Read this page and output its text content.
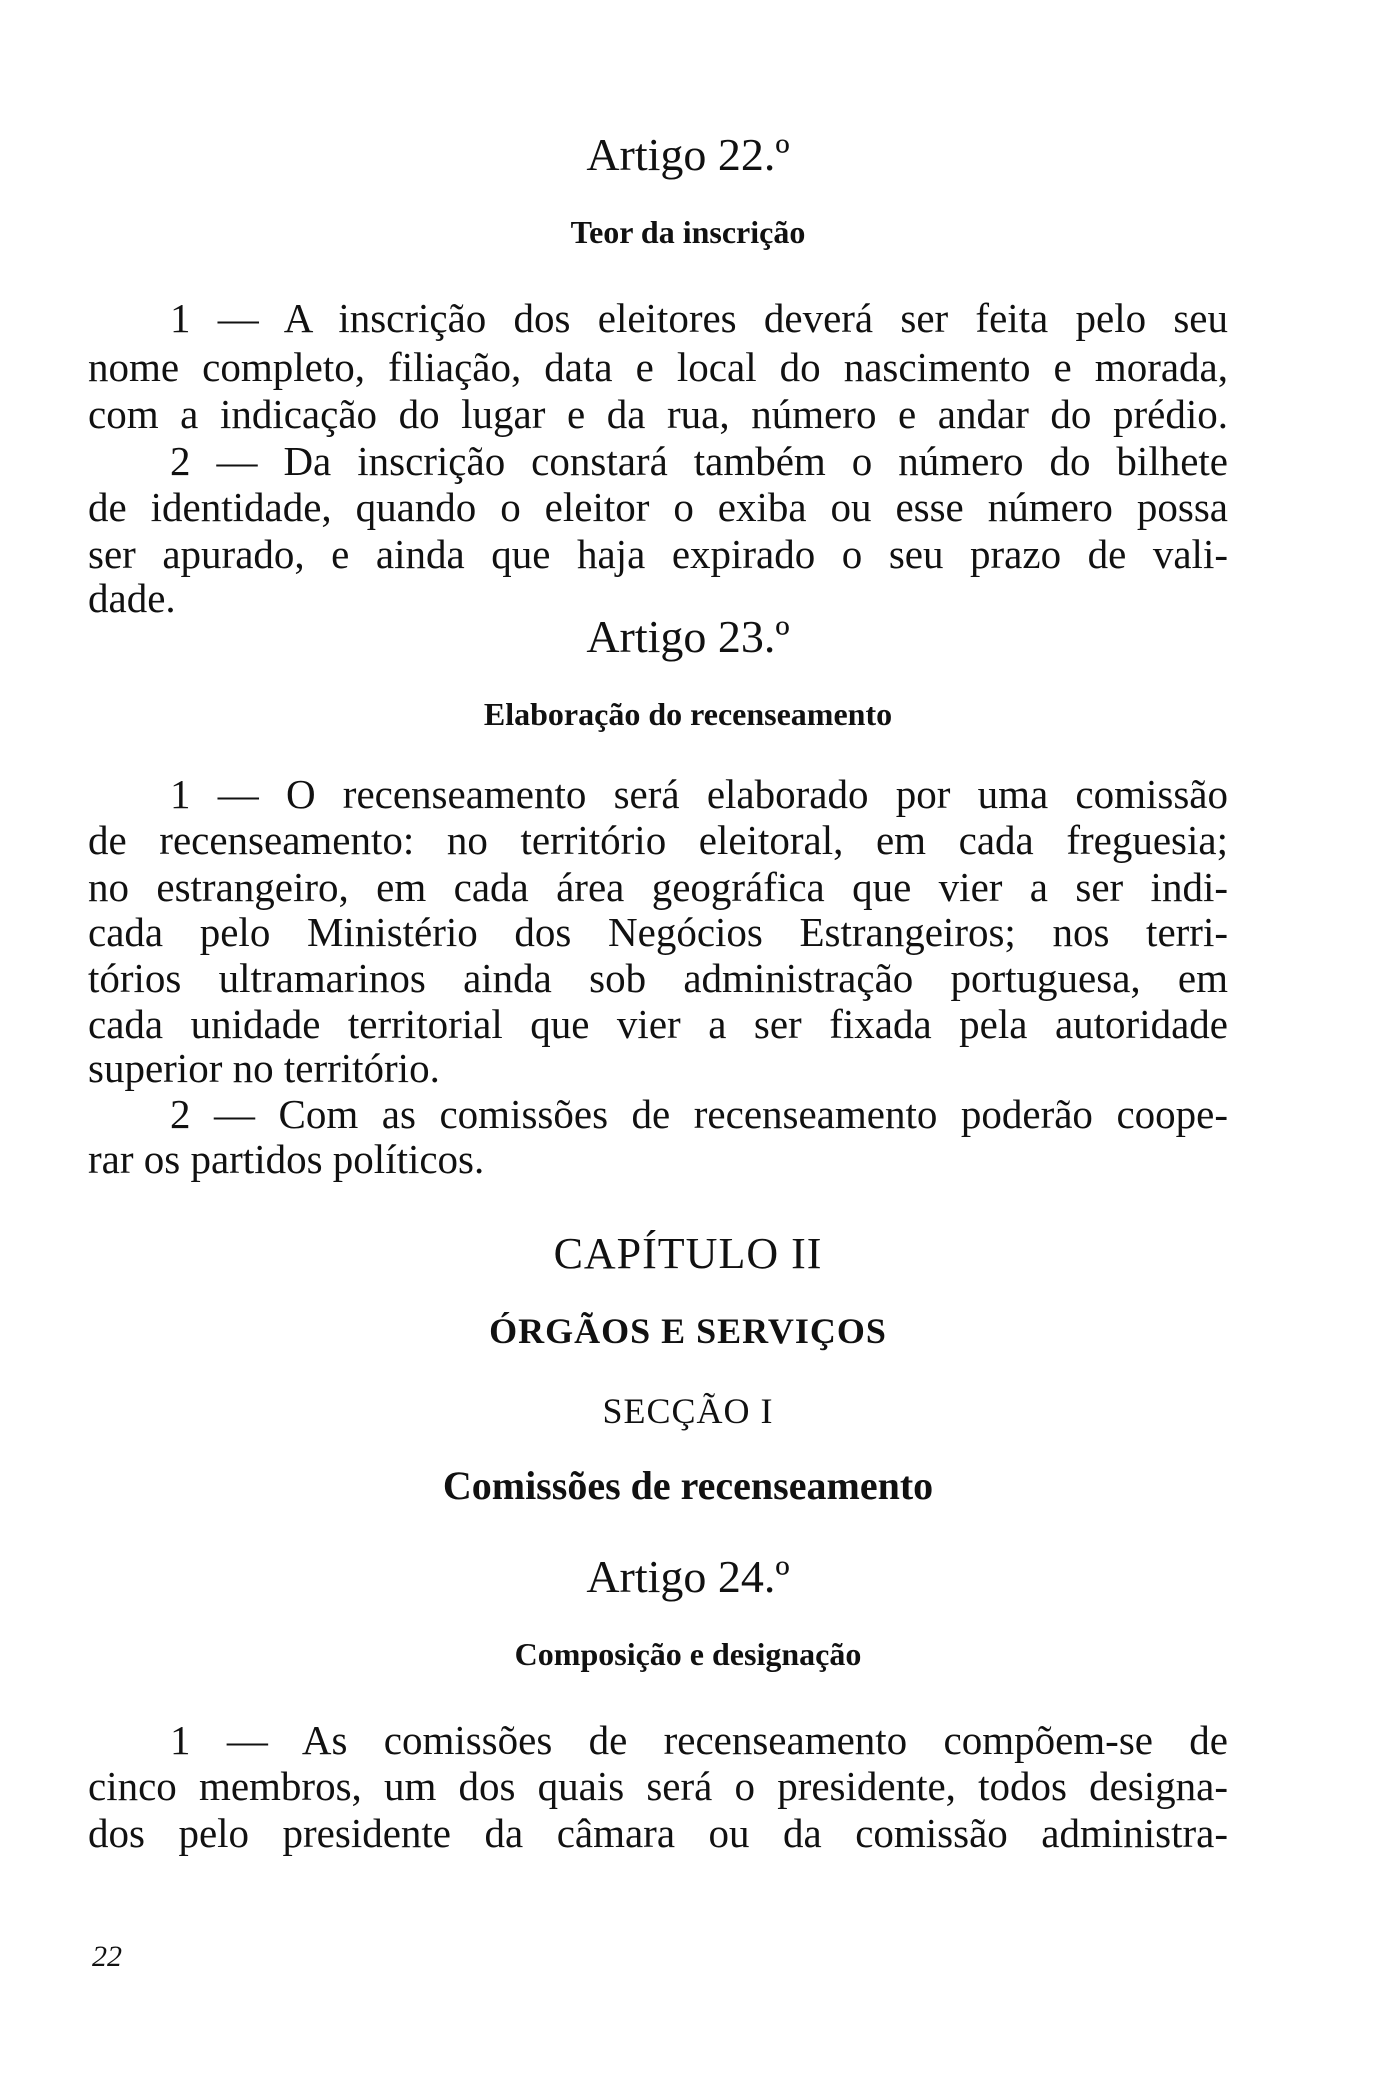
Artigo 22.º
Teor da inscrição
1 — A inscrição dos eleitores deverá ser feita pelo seu
nome completo, filiação, data e local do nascimento e morada,
com a indicação do lugar e da rua, número e andar do prédio.
2 — Da inscrição constará também o número do bilhete
de identidade, quando o eleitor o exiba ou esse número possa
ser apurado, e ainda que haja expirado o seu prazo de vali-
dade.
Artigo 23.º
Elaboração do recenseamento
1 — O recenseamento será elaborado por uma comissão
de recenseamento: no território eleitoral, em cada freguesia;
no estrangeiro, em cada área geográfica que vier a ser indi-
cada pelo Ministério dos Negócios Estrangeiros; nos terri-
tórios ultramarinos ainda sob administração portuguesa, em
cada unidade territorial que vier a ser fixada pela autoridade
superior no território.
2 — Com as comissões de recenseamento poderão coope-
rar os partidos políticos.
CAPÍTULO II
ÓRGÃOS E SERVIÇOS
SECÇÃO I
Comissões de recenseamento
Artigo 24.º
Composição e designação
1 — As comissões de recenseamento compõem-se de
cinco membros, um dos quais será o presidente, todos designa-
dos pelo presidente da câmara ou da comissão administra-
22
